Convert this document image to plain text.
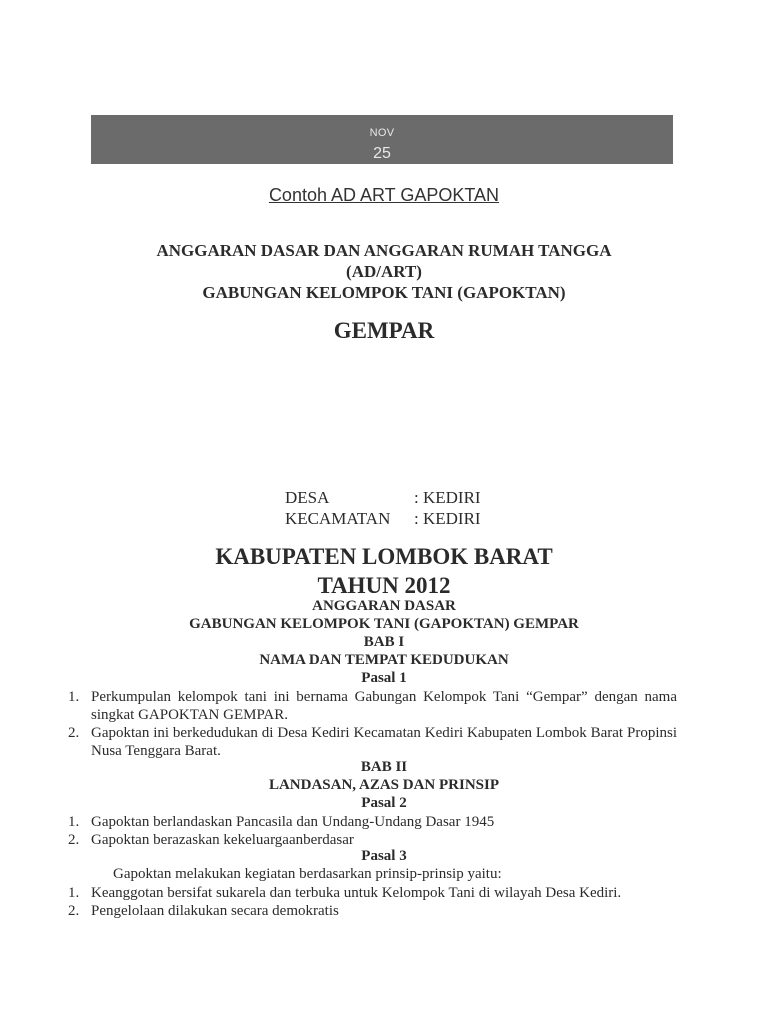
NOV
25
Contoh AD ART GAPOKTAN
ANGGARAN DASAR DAN ANGGARAN RUMAH TANGGA
(AD/ART)
GABUNGAN KELOMPOK TANI (GAPOKTAN)
GEMPAR
DESA	: KEDIRI
KECAMATAN : KEDIRI
KABUPATEN LOMBOK BARAT
TAHUN 2012
ANGGARAN DASAR
GABUNGAN KELOMPOK TANI (GAPOKTAN) GEMPAR
BAB I
NAMA DAN TEMPAT KEDUDUKAN
Pasal 1
1. Perkumpulan kelompok tani ini bernama Gabungan Kelompok Tani “Gempar” dengan nama singkat GAPOKTAN GEMPAR.
2. Gapoktan ini berkedudukan di Desa Kediri Kecamatan Kediri Kabupaten Lombok Barat Propinsi Nusa Tenggara Barat.
BAB II
LANDASAN, AZAS DAN PRINSIP
Pasal 2
1. Gapoktan berlandaskan Pancasila dan Undang-Undang Dasar 1945
2. Gapoktan berazaskan kekeluargaanberdasar
Pasal 3
Gapoktan melakukan kegiatan berdasarkan prinsip-prinsip yaitu:
1. Keanggotan bersifat sukarela dan terbuka untuk Kelompok Tani di wilayah Desa Kediri.
2. Pengelolaan dilakukan secara demokratis
